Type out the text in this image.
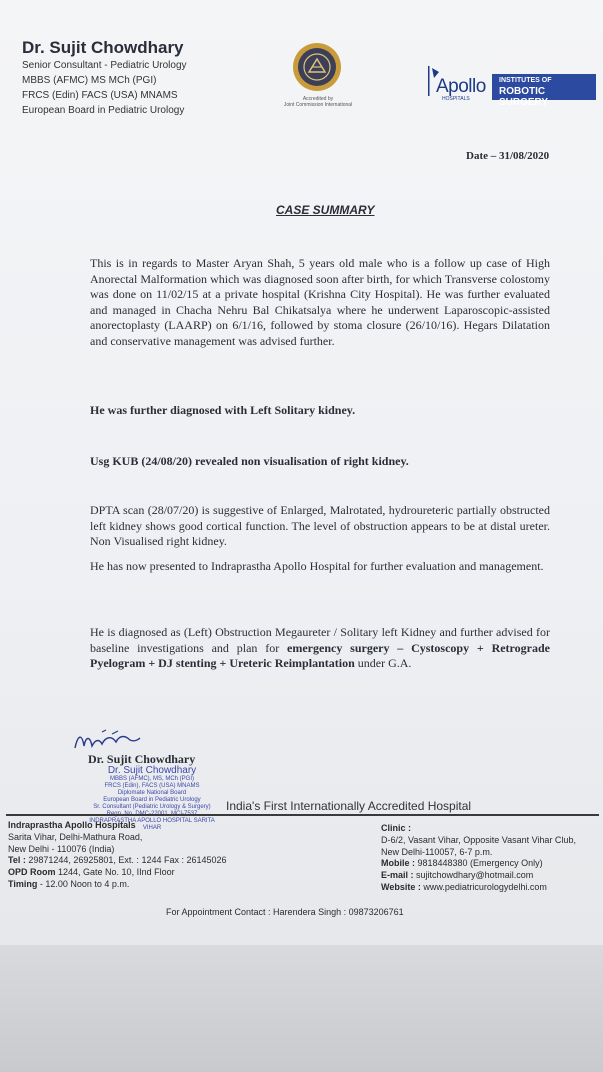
Dr. Sujit Chowdhary
Senior Consultant - Pediatric Urology
MBBS (AFMC) MS MCh (PGI)
FRCS (Edin) FACS (USA) MNAMS
European Board in Pediatric Urology
Accredited by
Joint Commission International
Apollo
HOSPITALS
INSTITUTES OF
ROBOTIC SURGERY
Date – 31/08/2020
CASE SUMMARY
This is in regards to Master Aryan Shah, 5 years old male who is a follow up case of High Anorectal Malformation which was diagnosed soon after birth, for which Transverse colostomy was done on 11/02/15 at a private hospital (Krishna City Hospital). He was further evaluated and managed in Chacha Nehru Bal Chikatsalya where he underwent Laparoscopic-assisted anorectoplasty (LAARP) on 6/1/16, followed by stoma closure (26/10/16). Hegars Dilatation and conservative management was advised further.
He was further diagnosed with Left Solitary kidney.
Usg KUB (24/08/20) revealed non visualisation of right kidney.
DPTA scan (28/07/20) is suggestive of Enlarged, Malrotated, hydroureteric partially obstructed left kidney shows good cortical function. The level of obstruction appears to be at distal ureter. Non Visualised right kidney.
He has now presented to Indraprastha Apollo Hospital for further evaluation and management.
He is diagnosed as (Left) Obstruction Megaureter / Solitary left Kidney and further advised for baseline investigations and plan for emergency surgery – Cystoscopy + Retrograde Pyelogram + DJ stenting + Ureteric Reimplantation under G.A.
Dr. Sujit Chowdhary
Dr. Sujit Chowdhary
MBBS (AFMC), MS, MCh (PGI)
FRCS (Edin), FACS (USA) MNAMS
Diplomate National Board
European Board in Pediatric Urology
Sr. Consultant (Pediatric Urology & Surgery)
INDRAPRASTHA APOLLO HOSPITAL SARITA VIHAR
India's First Internationally Accredited Hospital
Indraprastha Apollo Hospitals
Sarita Vihar, Delhi-Mathura Road,
New Delhi - 110076 (India)
Tel : 29871244, 26925801, Ext. : 1244 Fax : 26145026
OPD Room 1244, Gate No. 10, IInd Floor
Timing - 12.00 Noon to 4 p.m.
Clinic :
D-6/2, Vasant Vihar, Opposite Vasant Vihar Club,
New Delhi-110057, 6-7 p.m.
Mobile : 9818448380 (Emergency Only)
E-mail : sujitchowdhary@hotmail.com
Website : www.pediatricurologydelhi.com
For Appointment Contact : Harendera Singh : 09873206761
